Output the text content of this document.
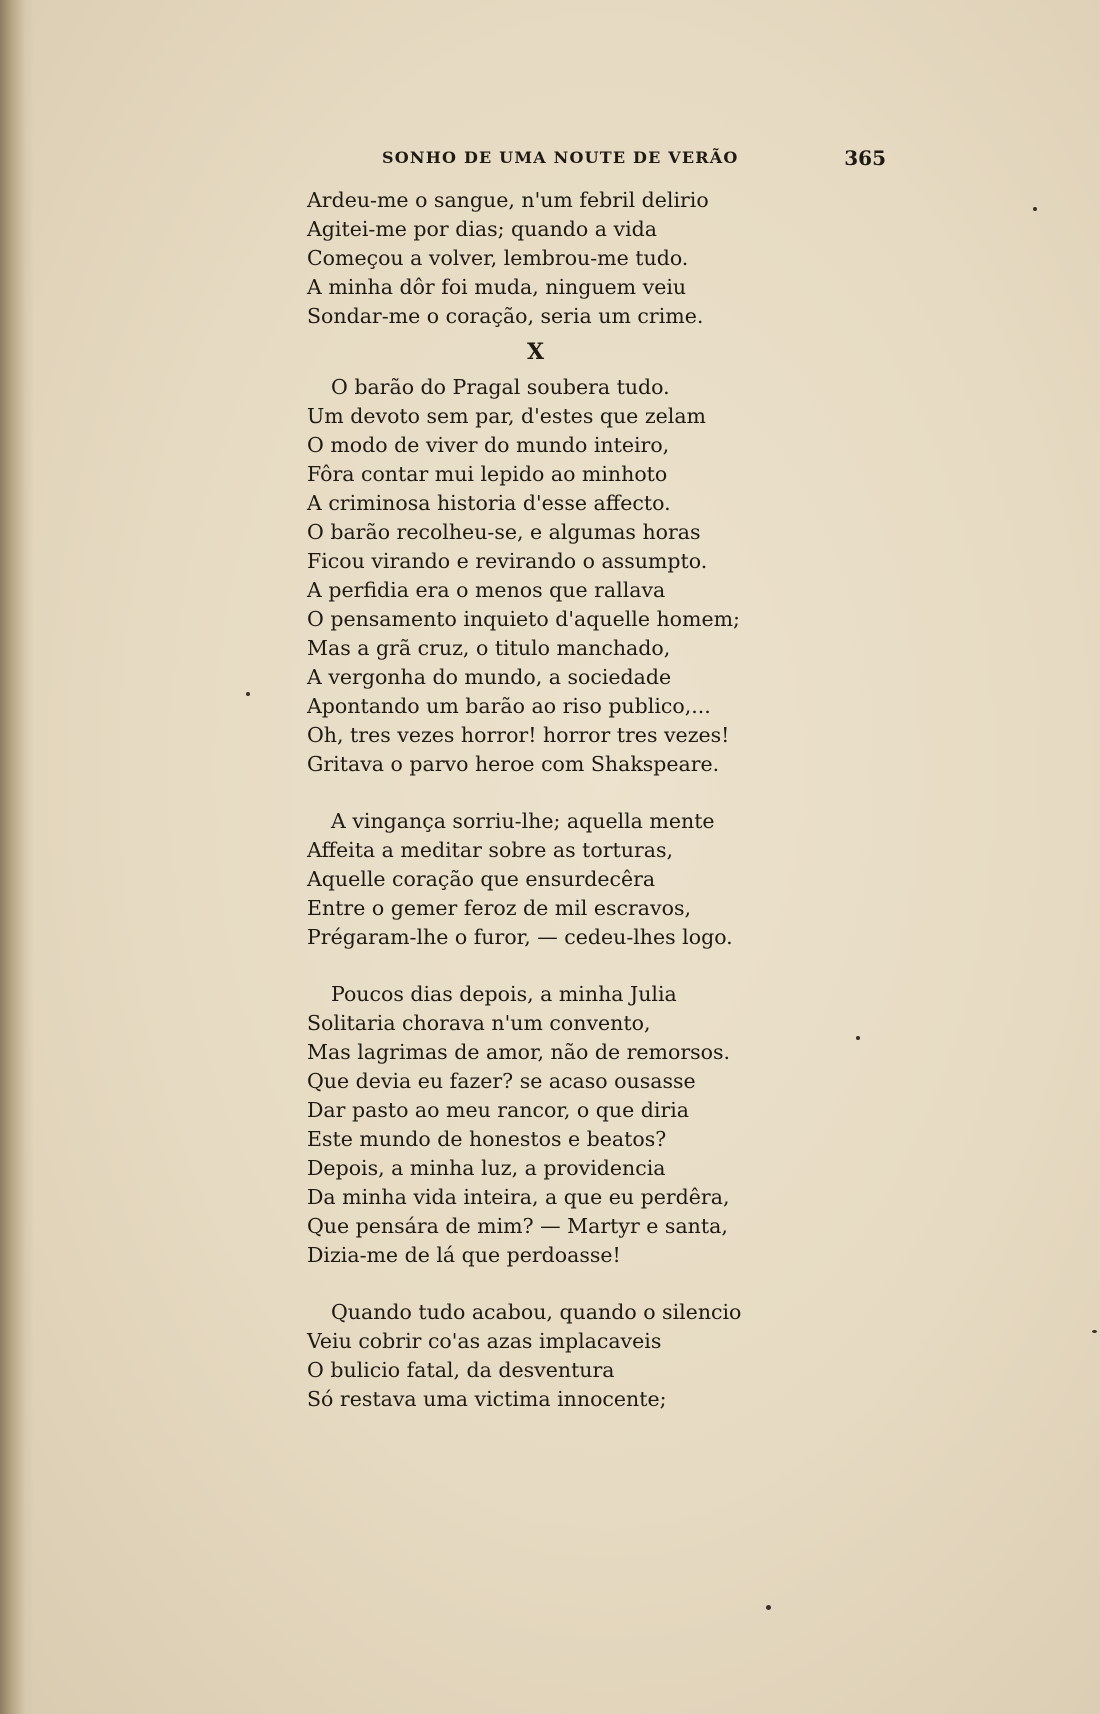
SONHO DE UMA NOUTE DE VERÃO	365
Ardeu-me o sangue, n'um febril delirio
Agitei-me por dias; quando a vida
Começou a volver, lembrou-me tudo.
A minha dôr foi muda, ninguem veiu
Sondar-me o coração, seria um crime.
X
O barão do Pragal soubera tudo.
Um devoto sem par, d'estes que zelam
O modo de viver do mundo inteiro,
Fôra contar mui lepido ao minhoto
A criminosa historia d'esse affecto.
O barão recolheu-se, e algumas horas
Ficou virando e revirando o assumpto.
A perfidia era o menos que rallava
O pensamento inquieto d'aquelle homem;
Mas a grã cruz, o titulo manchado,
A vergonha do mundo, a sociedade
Apontando um barão ao riso publico,...
Oh, tres vezes horror! horror tres vezes!
Gritava o parvo heroe com Shakspeare.
A vingança sorriu-lhe; aquella mente
Affeita a meditar sobre as torturas,
Aquelle coração que ensurdecêra
Entre o gemer feroz de mil escravos,
Prégaram-lhe o furor, — cedeu-lhes logo.
Poucos dias depois, a minha Julia
Solitaria chorava n'um convento,
Mas lagrimas de amor, não de remorsos.
Que devia eu fazer? se acaso ousasse
Dar pasto ao meu rancor, o que diria
Este mundo de honestos e beatos?
Depois, a minha luz, a providencia
Da minha vida inteira, a que eu perdêra,
Que pensára de mim? — Martyr e santa,
Dizia-me de lá que perdoasse!
Quando tudo acabou, quando o silencio
Veiu cobrir co'as azas implacaveis
O bulicio fatal, da desventura
Só restava uma victima innocente;
